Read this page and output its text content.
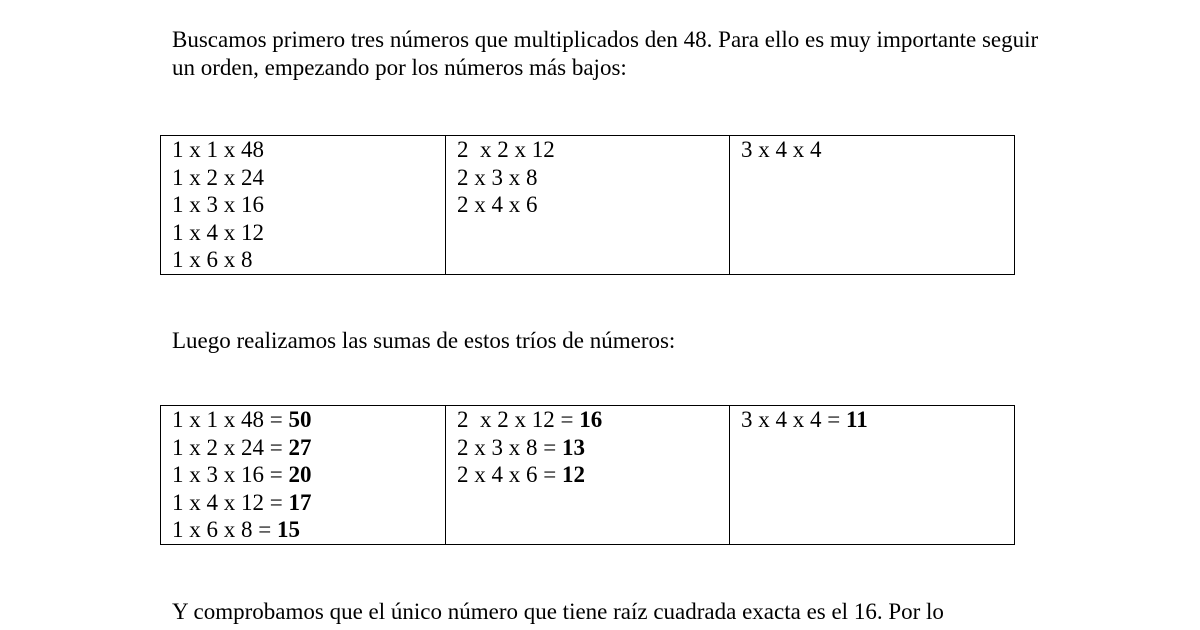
Buscamos primero tres números que multiplicados den 48. Para ello es muy importante seguir un orden, empezando por los números más bajos:

1 x 1 x 48
1 x 2 x 24
1 x 3 x 16
1 x 4 x 12
1 x 6 x 8
2  x 2 x 12
2 x 3 x 8
2 x 4 x 6
3 x 4 x 4

Luego realizamos las sumas de estos tríos de números:

1 x 1 x 48 = 50
1 x 2 x 24 = 27
1 x 3 x 16 = 20
1 x 4 x 12 = 17
1 x 6 x 8 = 15
2  x 2 x 12 = 16
2 x 3 x 8 = 13
2 x 4 x 6 = 12
3 x 4 x 4 = 11

Y comprobamos que el único número que tiene raíz cuadrada exacta es el 16. Por lo
